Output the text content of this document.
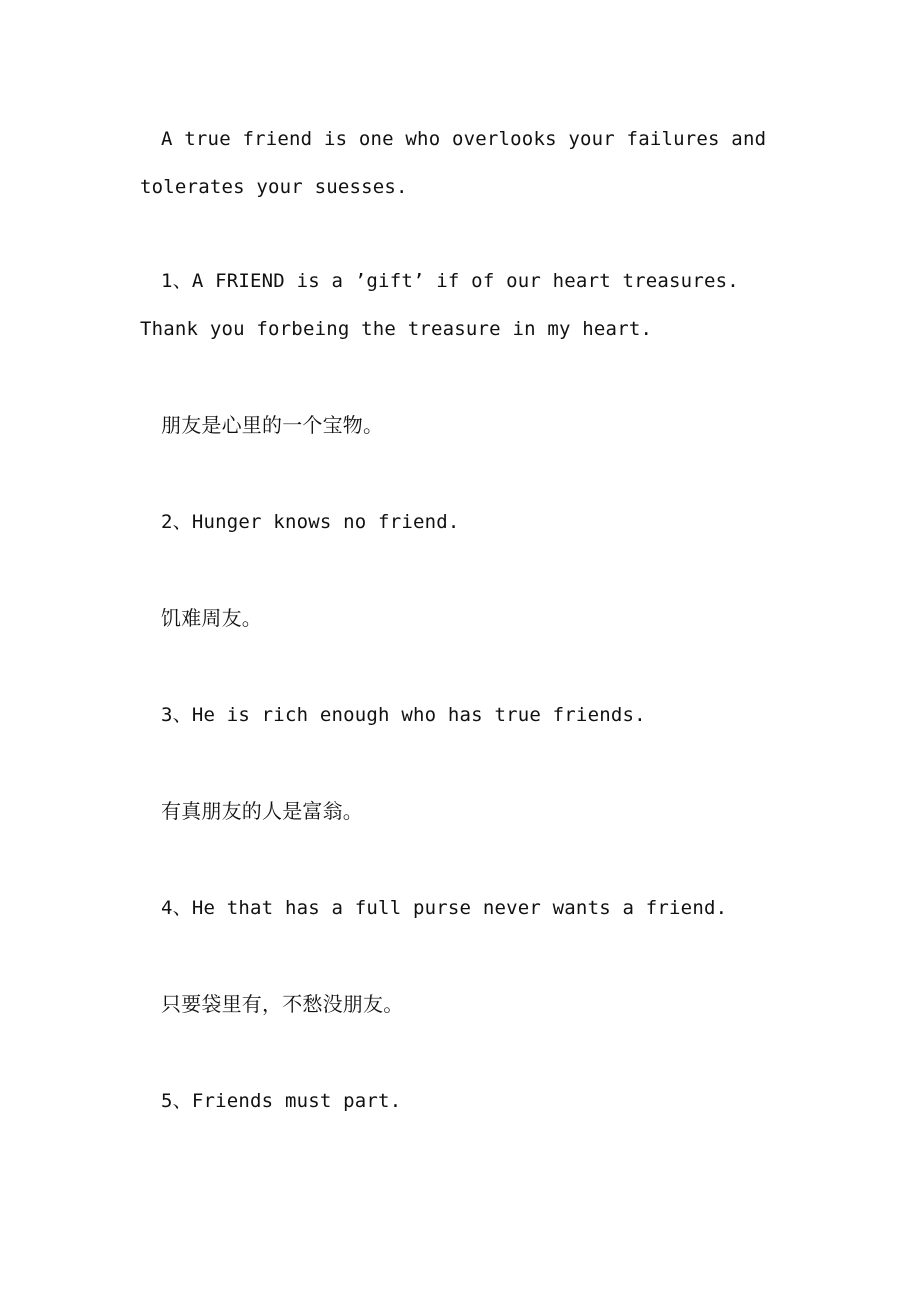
A true friend is one who overlooks your failures and tolerates your suesses.
1、A FRIEND is a ’gift’ if of our heart treasures. Thank you forbeing the treasure in my heart.
朋友是心里的一个宝物。
2、Hunger knows no friend.
饥难周友。
3、He is rich enough who has true friends.
有真朋友的人是富翁。
4、He that has a full purse never wants a friend.
只要袋里有，不愁没朋友。
5、Friends must part.
